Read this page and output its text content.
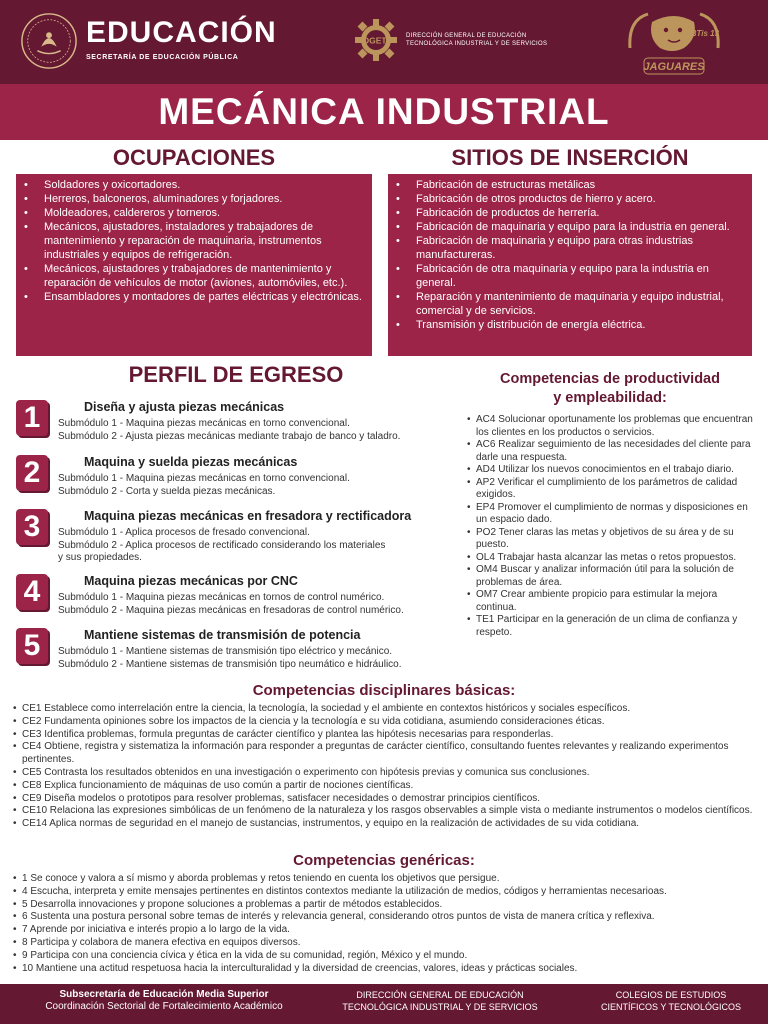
EDUCACIÓN
SECRETARÍA DE EDUCACIÓN PÚBLICA
DGETI	DIRECCIÓN GENERAL DE EDUCACIÓN
TECNOLÓGICA INDUSTRIAL Y DE SERVICIOS
CBTis 13
JAGUARES
MECÁNICA INDUSTRIAL
OCUPACIONES
• Soldadores y oxicortadores.
• Herreros, balconeros, aluminadores y forjadores.
• Moldeadores, caldereros y torneros.
• Mecánicos, ajustadores, instaladores y trabajadores de mantenimiento y reparación de maquinaria, instrumentos industriales y equipos de refrigeración.
• Mecánicos, ajustadores y trabajadores de mantenimiento y reparación de vehículos de motor (aviones, automóviles, etc.).
• Ensambladores y montadores de partes eléctricas y electrónicas.
SITIOS DE INSERCIÓN
• Fabricación de estructuras metálicas
• Fabricación de otros productos de hierro y acero.
• Fabricación de productos de herrería.
• Fabricación de maquinaria y equipo para la industria en general.
• Fabricación de maquinaria y equipo para otras industrias manufactureras.
• Fabricación de otra maquinaria y equipo para la industria en general.
• Reparación y mantenimiento de maquinaria y equipo industrial, comercial y de servicios.
• Transmisión y distribución de energía eléctrica.
PERFIL DE EGRESO
1	Diseña y ajusta piezas mecánicas
Submódulo 1 - Maquina piezas mecánicas en torno convencional.
Submódulo 2 - Ajusta piezas mecánicas mediante trabajo de banco y taladro.
2	Maquina y suelda piezas mecánicas
Submódulo 1 - Maquina piezas mecánicas en torno convencional.
Submódulo 2 - Corta y suelda piezas mecánicas.
3	Maquina piezas mecánicas en fresadora y rectificadora
Submódulo 1 - Aplica procesos de fresado convencional.
Submódulo 2 - Aplica procesos de rectificado considerando los materiales
y sus propiedades.
4	Maquina piezas mecánicas por CNC
Submódulo 1 - Maquina piezas mecánicas en tornos de control numérico.
Submódulo 2 - Maquina piezas mecánicas en fresadoras de control numérico.
5	Mantiene sistemas de transmisión de potencia
Submódulo 1 - Mantiene sistemas de transmisión tipo eléctrico y mecánico.
Submódulo 2 - Mantiene sistemas de transmisión tipo neumático e hidráulico.
Competencias de productividad
y empleabilidad:
• AC4 Solucionar oportunamente los problemas que encuentran los clientes en los productos o servicios.
• AC6 Realizar seguimiento de las necesidades del cliente para darle una respuesta.
• AD4 Utilizar los nuevos conocimientos en el trabajo diario.
• AP2 Verificar el cumplimiento de los parámetros de calidad exigidos.
• EP4 Promover el cumplimiento de normas y disposiciones en un espacio dado.
• PO2 Tener claras las metas y objetivos de su área y de su puesto.
• OL4 Trabajar hasta alcanzar las metas o retos propuestos.
• OM4 Buscar y analizar información útil para la solución de problemas de área.
• OM7 Crear ambiente propicio para estimular la mejora continua.
• TE1 Participar en la generación de un clima de confianza y respeto.
Competencias disciplinares básicas:
• CE1 Establece como interrelación entre la ciencia, la tecnología, la sociedad y el ambiente en contextos históricos y sociales específicos.
• CE2 Fundamenta opiniones sobre los impactos de la ciencia y la tecnología e su vida cotidiana, asumiendo consideraciones éticas.
• CE3 Identifica problemas, formula preguntas de carácter científico y plantea las hipótesis necesarias para responderlas.
• CE4 Obtiene, registra y sistematiza la información para responder a preguntas de carácter científico, consultando fuentes relevantes y realizando experimentos pertinentes.
• CE5 Contrasta los resultados obtenidos en una investigación o experimento con hipótesis previas y comunica sus conclusiones.
• CE8 Explica funcionamiento de máquinas de uso común a partir de nociones científicas.
• CE9 Diseña modelos o prototipos para resolver problemas, satisfacer necesidades o demostrar principios científicos.
• CE10 Relaciona las expresiones simbólicas de un fenómeno de la naturaleza y los rasgos observables a simple vista o mediante instrumentos o modelos científicos.
• CE14 Aplica normas de seguridad en el manejo de sustancias, instrumentos, y equipo en la realización de actividades de su vida cotidiana.
Competencias genéricas:
• 1 Se conoce y valora a sí mismo y aborda problemas y retos teniendo en cuenta los objetivos que persigue.
• 4 Escucha, interpreta y emite mensajes pertinentes en distintos contextos mediante la utilización de medios, códigos y herramientas necesarioas.
• 5 Desarrolla innovaciones y propone soluciones a problemas a partir de métodos establecidos.
• 6 Sustenta una postura personal sobre temas de interés y relevancia general, considerando otros puntos de vista de manera crítica y reflexiva.
• 7 Aprende por iniciativa e interés propio a lo largo de la vida.
• 8 Participa y colabora de manera efectiva en equipos diversos.
• 9 Participa con una conciencia cívica y ética en la vida de su comunidad, región, México y el mundo.
• 10 Mantiene una actitud respetuosa hacia la interculturalidad y la diversidad de creencias, valores, ideas y prácticas sociales.
Subsecretaría de Educación Media Superior
Coordinación Sectorial de Fortalecimiento Académico
DIRECCIÓN GENERAL DE EDUCACIÓN
TECNOLÓGICA INDUSTRIAL Y DE SERVICIOS
COLEGIOS DE ESTUDIOS
CIENTÍFICOS Y TECNOLÓGICOS
